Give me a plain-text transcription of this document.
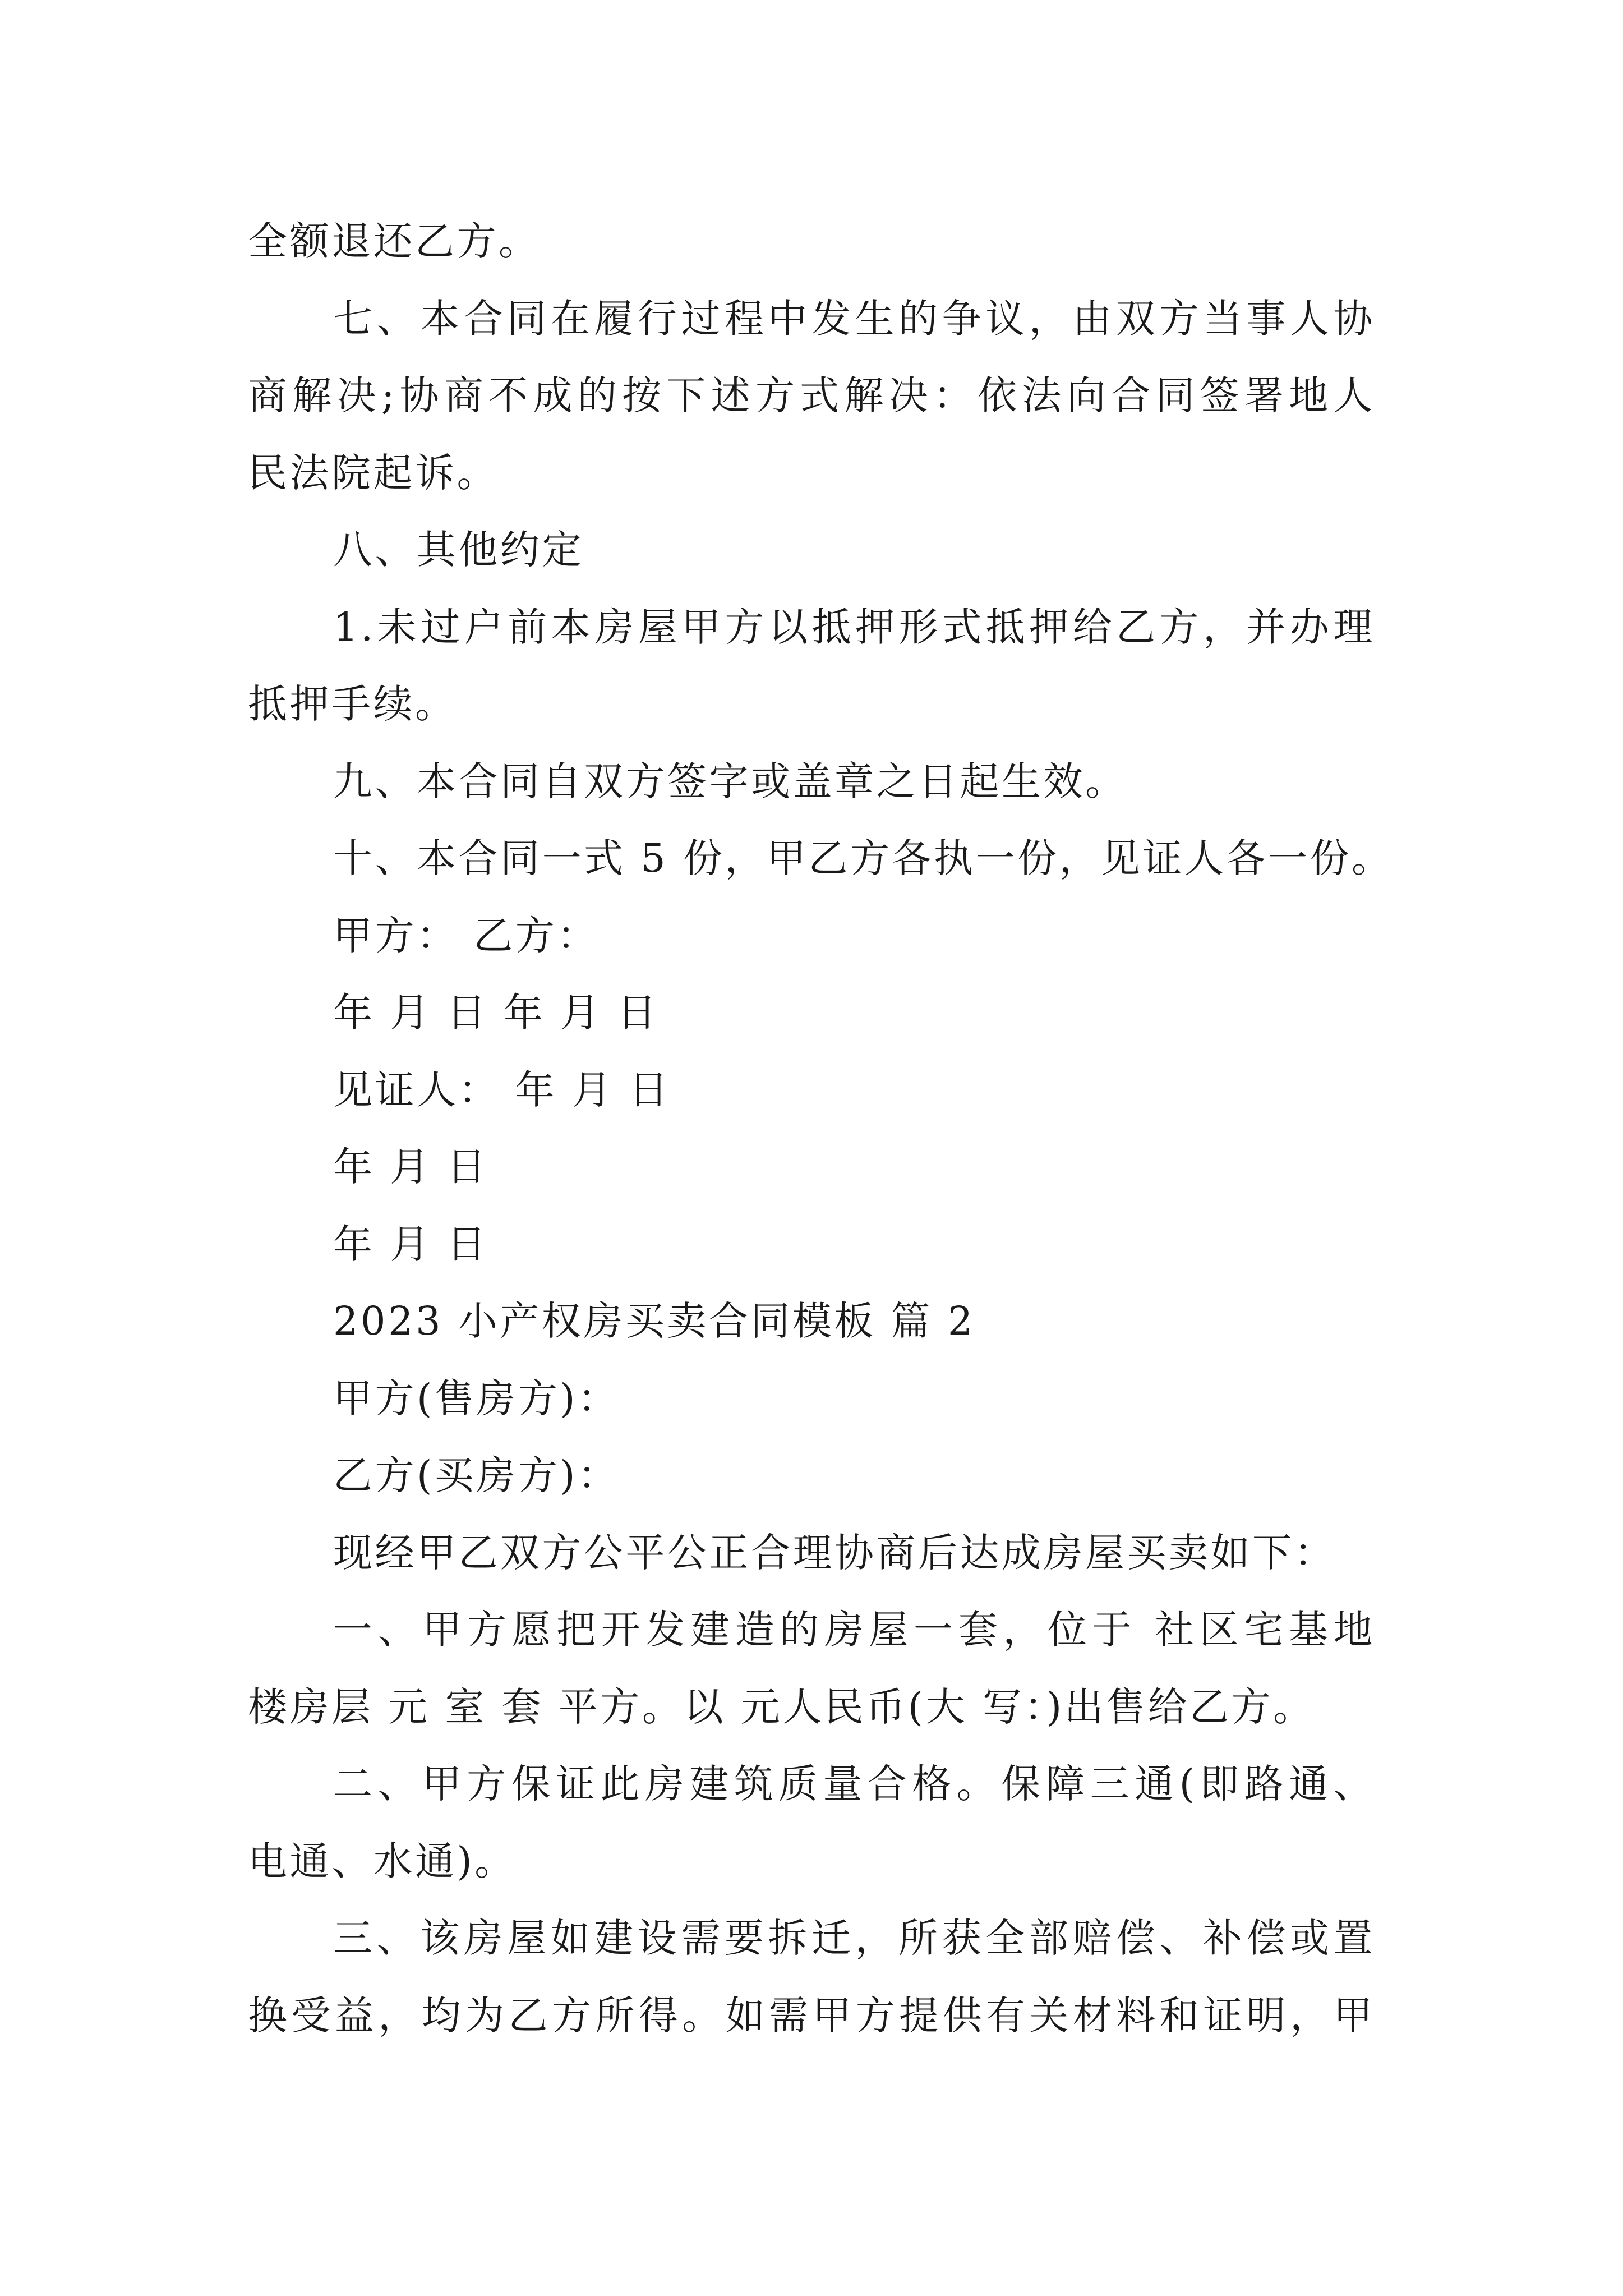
全额退还乙方。
七、本合同在履行过程中发生的争议，由双方当事人协
商解决;协商不成的按下述方式解决：依法向合同签署地人
民法院起诉。
八、其他约定
1.未过户前本房屋甲方以抵押形式抵押给乙方，并办理
抵押手续。
九、本合同自双方签字或盖章之日起生效。
十、本合同一式 5 份，甲乙方各执一份，见证人各一份。
甲方： 乙方：
年 月 日 年 月 日
见证人： 年 月 日
年 月 日
年 月 日
2023 小产权房买卖合同模板 篇 2
甲方(售房方)：
乙方(买房方)：
现经甲乙双方公平公正合理协商后达成房屋买卖如下：
一、甲方愿把开发建造的房屋一套，位于 社区宅基地
楼房层 元 室 套 平方。以 元人民币(大 写：)出售给乙方。
二、甲方保证此房建筑质量合格。保障三通(即路通、
电通、水通)。
三、该房屋如建设需要拆迁，所获全部赔偿、补偿或置
换受益，均为乙方所得。如需甲方提供有关材料和证明，甲
